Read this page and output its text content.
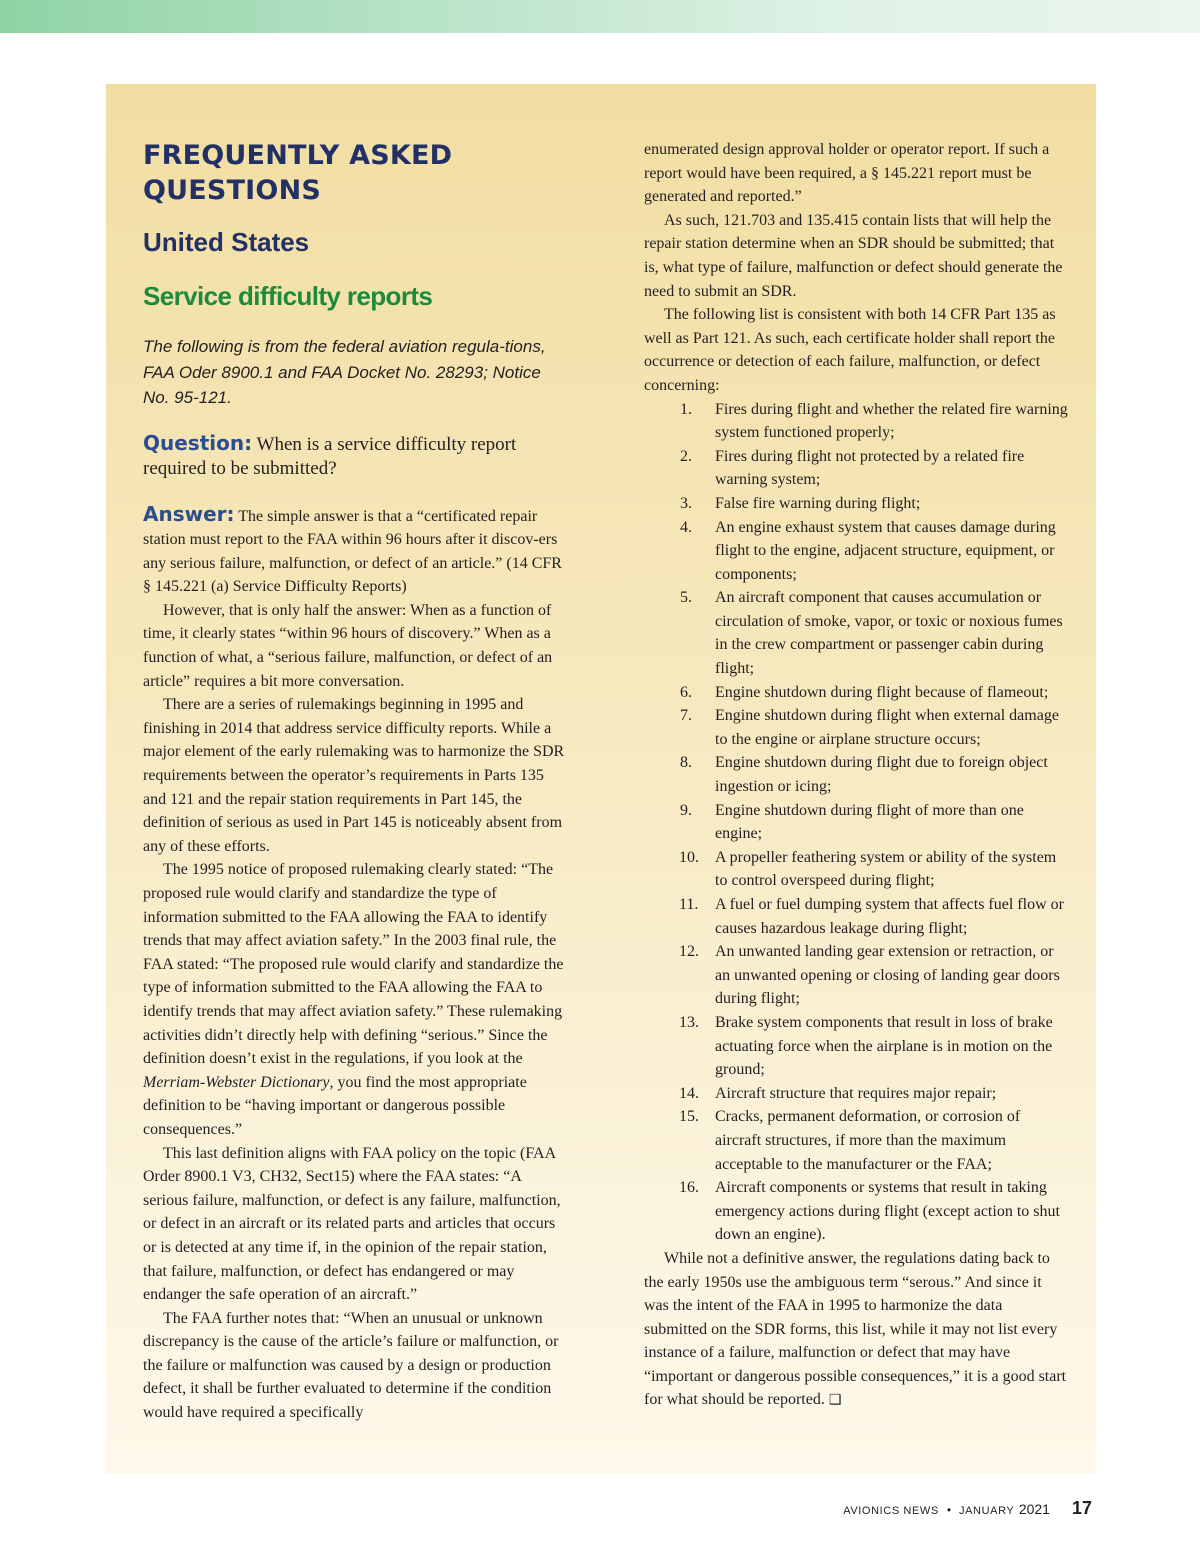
FREQUENTLY ASKED
QUESTIONS
United States
Service difficulty reports

The following is from the federal aviation regula-tions, FAA Oder 8900.1 and FAA Docket No. 28293; Notice No. 95-121.

Question: When is a service difficulty report required to be submitted?

Answer: The simple answer is that a “certificated repair station must report to the FAA within 96 hours after it discov-ers any serious failure, malfunction, or defect of an article.” (14 CFR § 145.221 (a) Service Difficulty Reports)

However, that is only half the answer: When as a function of time, it clearly states “within 96 hours of discovery.” When as a function of what, a “serious failure, malfunction, or defect of an article” requires a bit more conversation.

There are a series of rulemakings beginning in 1995 and finishing in 2014 that address service difficulty reports. While a major element of the early rulemaking was to harmonize the SDR requirements between the operator’s requirements in Parts 135 and 121 and the repair station requirements in Part 145, the definition of serious as used in Part 145 is noticeably absent from any of these efforts.

The 1995 notice of proposed rulemaking clearly stated: “The proposed rule would clarify and standardize the type of information submitted to the FAA allowing the FAA to identify trends that may affect aviation safety.” In the 2003 final rule, the FAA stated: “The proposed rule would clarify and standardize the type of information submitted to the FAA allowing the FAA to identify trends that may affect aviation safety.” These rulemaking activities didn’t directly help with defining “serious.” Since the definition doesn’t exist in the regulations, if you look at the Merriam-Webster Dictionary, you find the most appropriate definition to be “having important or dangerous possible consequences.”

This last definition aligns with FAA policy on the topic (FAA Order 8900.1 V3, CH32, Sect15) where the FAA states: “A serious failure, malfunction, or defect is any failure, malfunction, or defect in an aircraft or its related parts and articles that occurs or is detected at any time if, in the opinion of the repair station, that failure, malfunction, or defect has endangered or may endanger the safe operation of an aircraft.”

The FAA further notes that: “When an unusual or unknown discrepancy is the cause of the article’s failure or malfunction, or the failure or malfunction was caused by a design or production defect, it shall be further evaluated to determine if the condition would have required a specifically

enumerated design approval holder or operator report. If such a report would have been required, a § 145.221 report must be generated and reported.”

As such, 121.703 and 135.415 contain lists that will help the repair station determine when an SDR should be submitted; that is, what type of failure, malfunction or defect should generate the need to submit an SDR.

The following list is consistent with both 14 CFR Part 135 as well as Part 121. As such, each certificate holder shall report the occurrence or detection of each failure, malfunction, or defect concerning:

1. Fires during flight and whether the related fire warning system functioned properly;
2. Fires during flight not protected by a related fire warning system;
3. False fire warning during flight;
4. An engine exhaust system that causes damage during flight to the engine, adjacent structure, equipment, or components;
5. An aircraft component that causes accumulation or circulation of smoke, vapor, or toxic or noxious fumes in the crew compartment or passenger cabin during flight;
6. Engine shutdown during flight because of flameout;
7. Engine shutdown during flight when external damage to the engine or airplane structure occurs;
8. Engine shutdown during flight due to foreign object ingestion or icing;
9. Engine shutdown during flight of more than one engine;
10. A propeller feathering system or ability of the system to control overspeed during flight;
11. A fuel or fuel dumping system that affects fuel flow or causes hazardous leakage during flight;
12. An unwanted landing gear extension or retraction, or an unwanted opening or closing of landing gear doors during flight;
13. Brake system components that result in loss of brake actuating force when the airplane is in motion on the ground;
14. Aircraft structure that requires major repair;
15. Cracks, permanent deformation, or corrosion of aircraft structures, if more than the maximum acceptable to the manufacturer or the FAA;
16. Aircraft components or systems that result in taking emergency actions during flight (except action to shut down an engine).

While not a definitive answer, the regulations dating back to the early 1950s use the ambiguous term “serous.” And since it was the intent of the FAA in 1995 to harmonize the data submitted on the SDR forms, this list, while it may not list every instance of a failure, malfunction or defect that may have “important or dangerous possible consequences,” it is a good start for what should be reported. ❑

AVIONICS NEWS • JANUARY 2021 17
